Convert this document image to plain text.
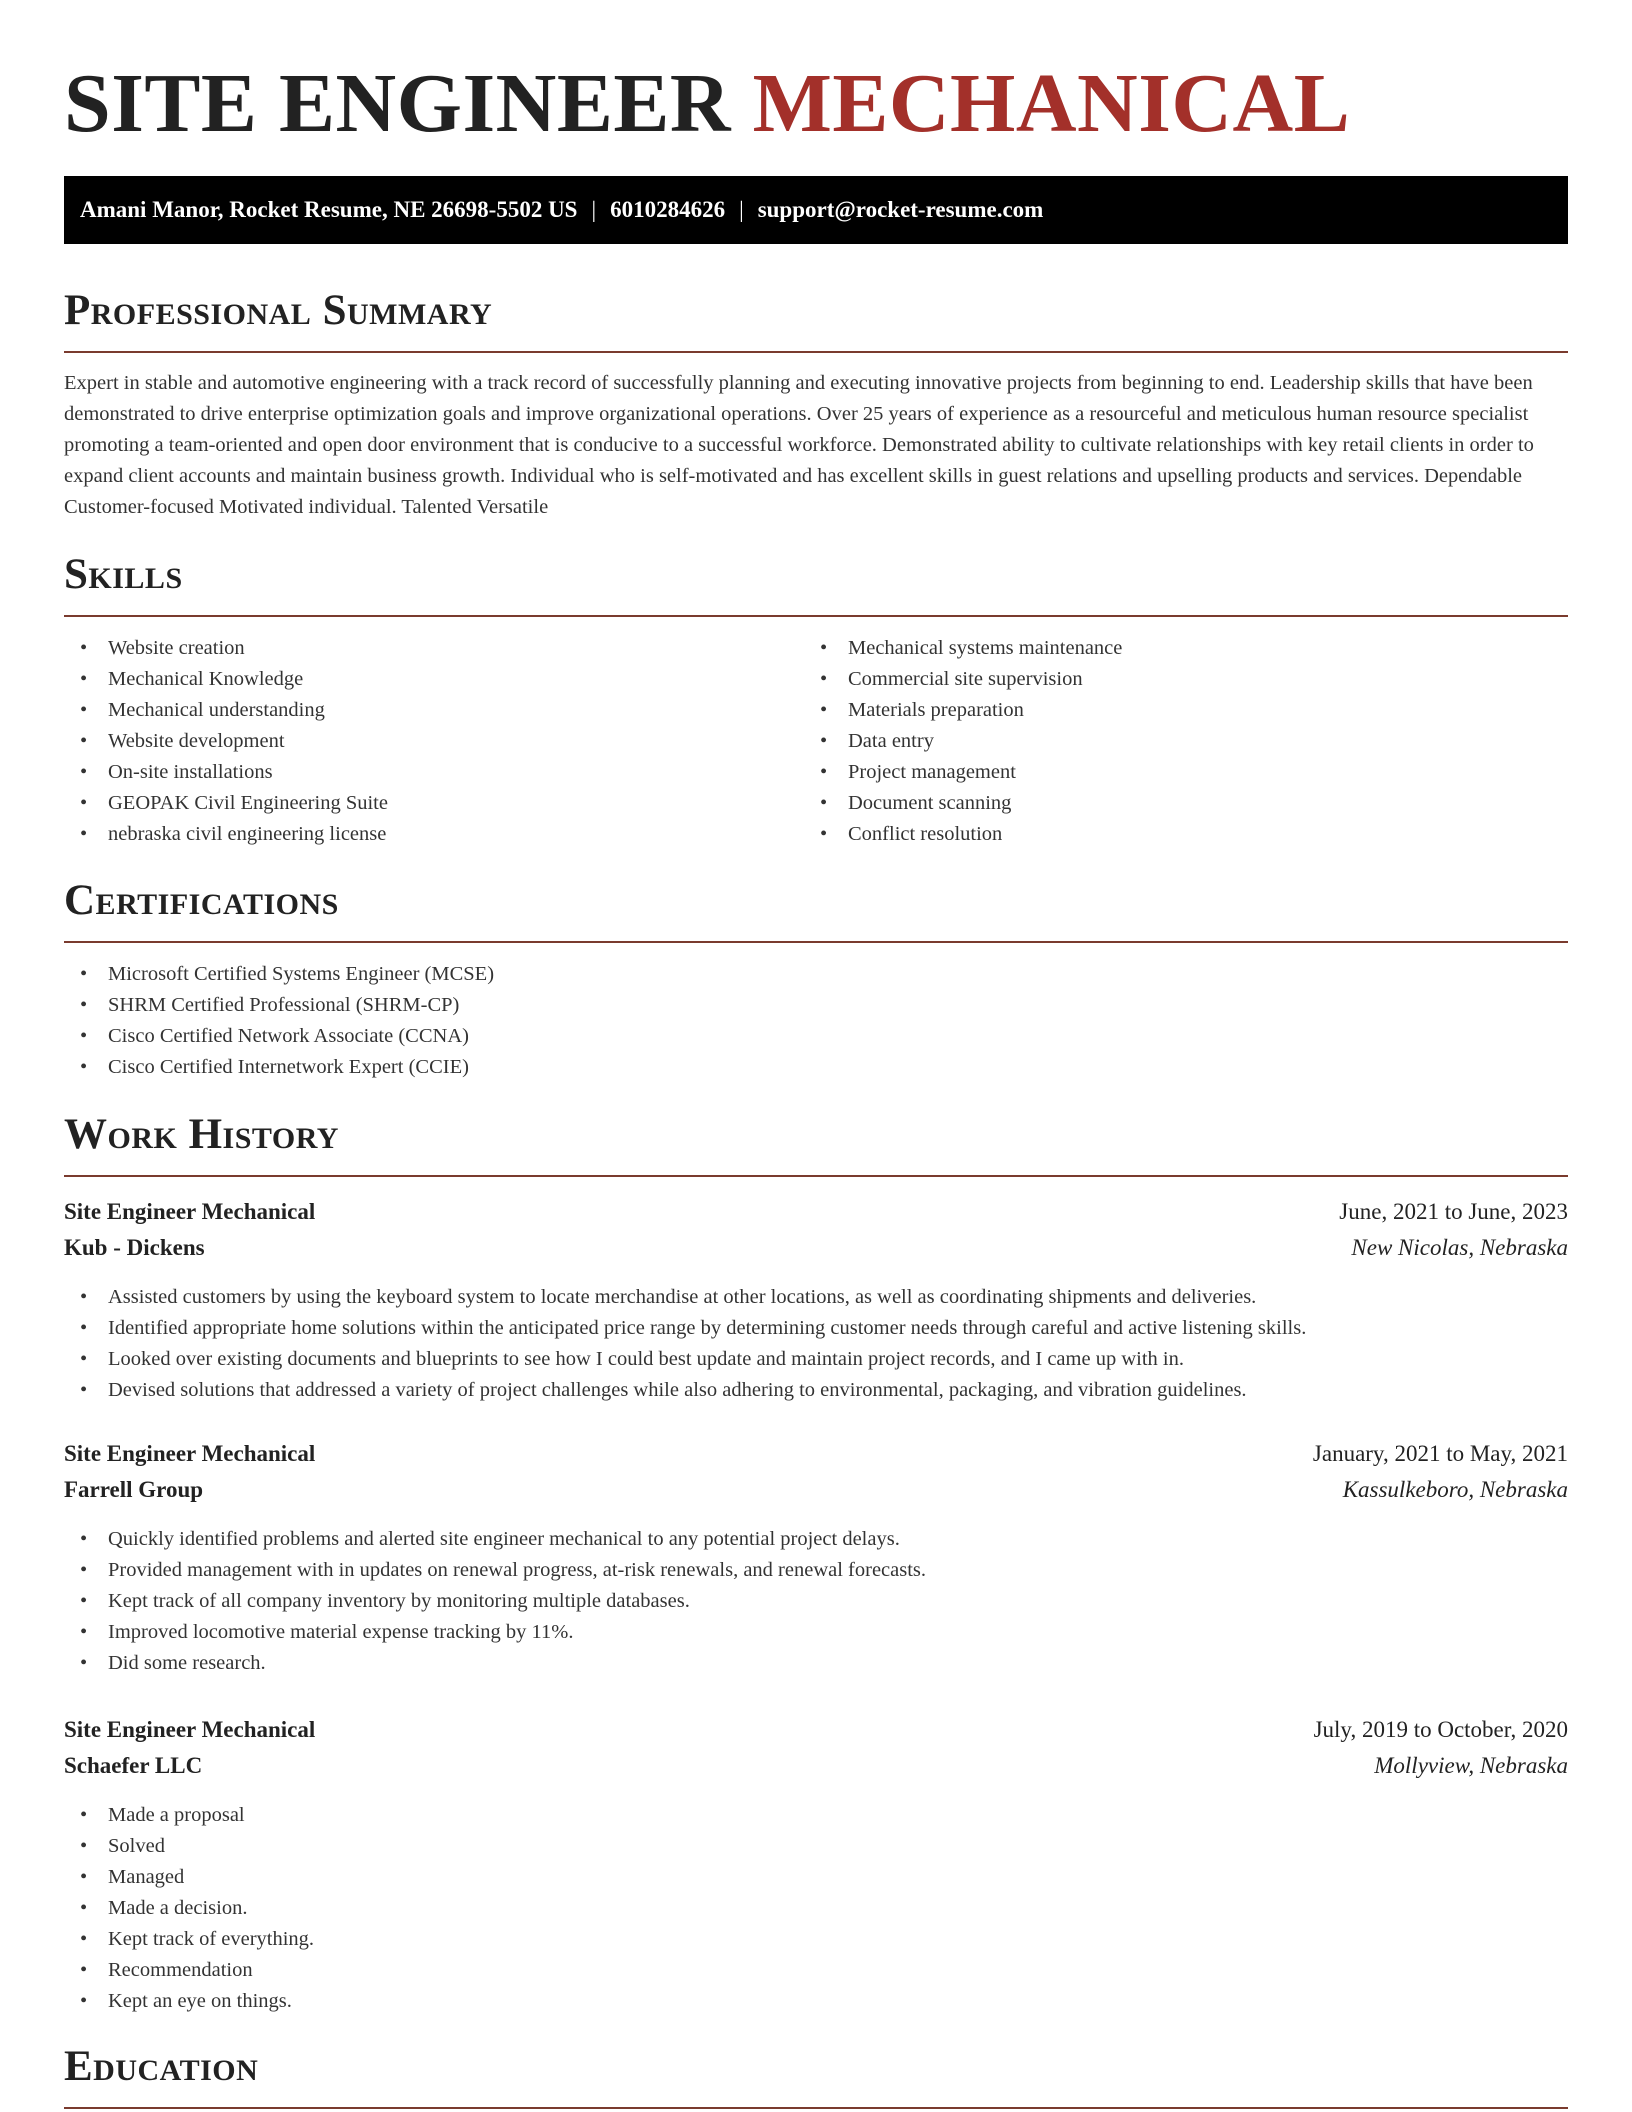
SITE ENGINEER MECHANICAL
Amani Manor, Rocket Resume, NE 26698-5502 US | 6010284626 | support@rocket-resume.com
Professional Summary

Expert in stable and automotive engineering with a track record of successfully planning and executing innovative projects from beginning to end. Leadership skills that have been demonstrated to drive enterprise optimization goals and improve organizational operations. Over 25 years of experience as a resourceful and meticulous human resource specialist promoting a team-oriented and open door environment that is conducive to a successful workforce. Demonstrated ability to cultivate relationships with key retail clients in order to expand client accounts and maintain business growth. Individual who is self-motivated and has excellent skills in guest relations and upselling products and services. Dependable Customer-focused Motivated individual. Talented Versatile

Skills
• Website creation
• Mechanical Knowledge
• Mechanical understanding
• Website development
• On-site installations
• GEOPAK Civil Engineering Suite
• nebraska civil engineering license
• Mechanical systems maintenance
• Commercial site supervision
• Materials preparation
• Data entry
• Project management
• Document scanning
• Conflict resolution
Certifications
• Microsoft Certified Systems Engineer (MCSE)
• SHRM Certified Professional (SHRM-CP)
• Cisco Certified Network Associate (CCNA)
• Cisco Certified Internetwork Expert (CCIE)
Work History
Site Engineer Mechanical	June, 2021 to June, 2023
Kub - Dickens	New Nicolas, Nebraska
• Assisted customers by using the keyboard system to locate merchandise at other locations, as well as coordinating shipments and deliveries.
• Identified appropriate home solutions within the anticipated price range by determining customer needs through careful and active listening skills.
• Looked over existing documents and blueprints to see how I could best update and maintain project records, and I came up with in.
• Devised solutions that addressed a variety of project challenges while also adhering to environmental, packaging, and vibration guidelines.
Site Engineer Mechanical	January, 2021 to May, 2021
Farrell Group	Kassulkeboro, Nebraska
• Quickly identified problems and alerted site engineer mechanical to any potential project delays.
• Provided management with in updates on renewal progress, at-risk renewals, and renewal forecasts.
• Kept track of all company inventory by monitoring multiple databases.
• Improved locomotive material expense tracking by 11%.
• Did some research.
Site Engineer Mechanical	July, 2019 to October, 2020
Schaefer LLC	Mollyview, Nebraska
• Made a proposal
• Solved
• Managed
• Made a decision.
• Kept track of everything.
• Recommendation
• Kept an eye on things.
Education
